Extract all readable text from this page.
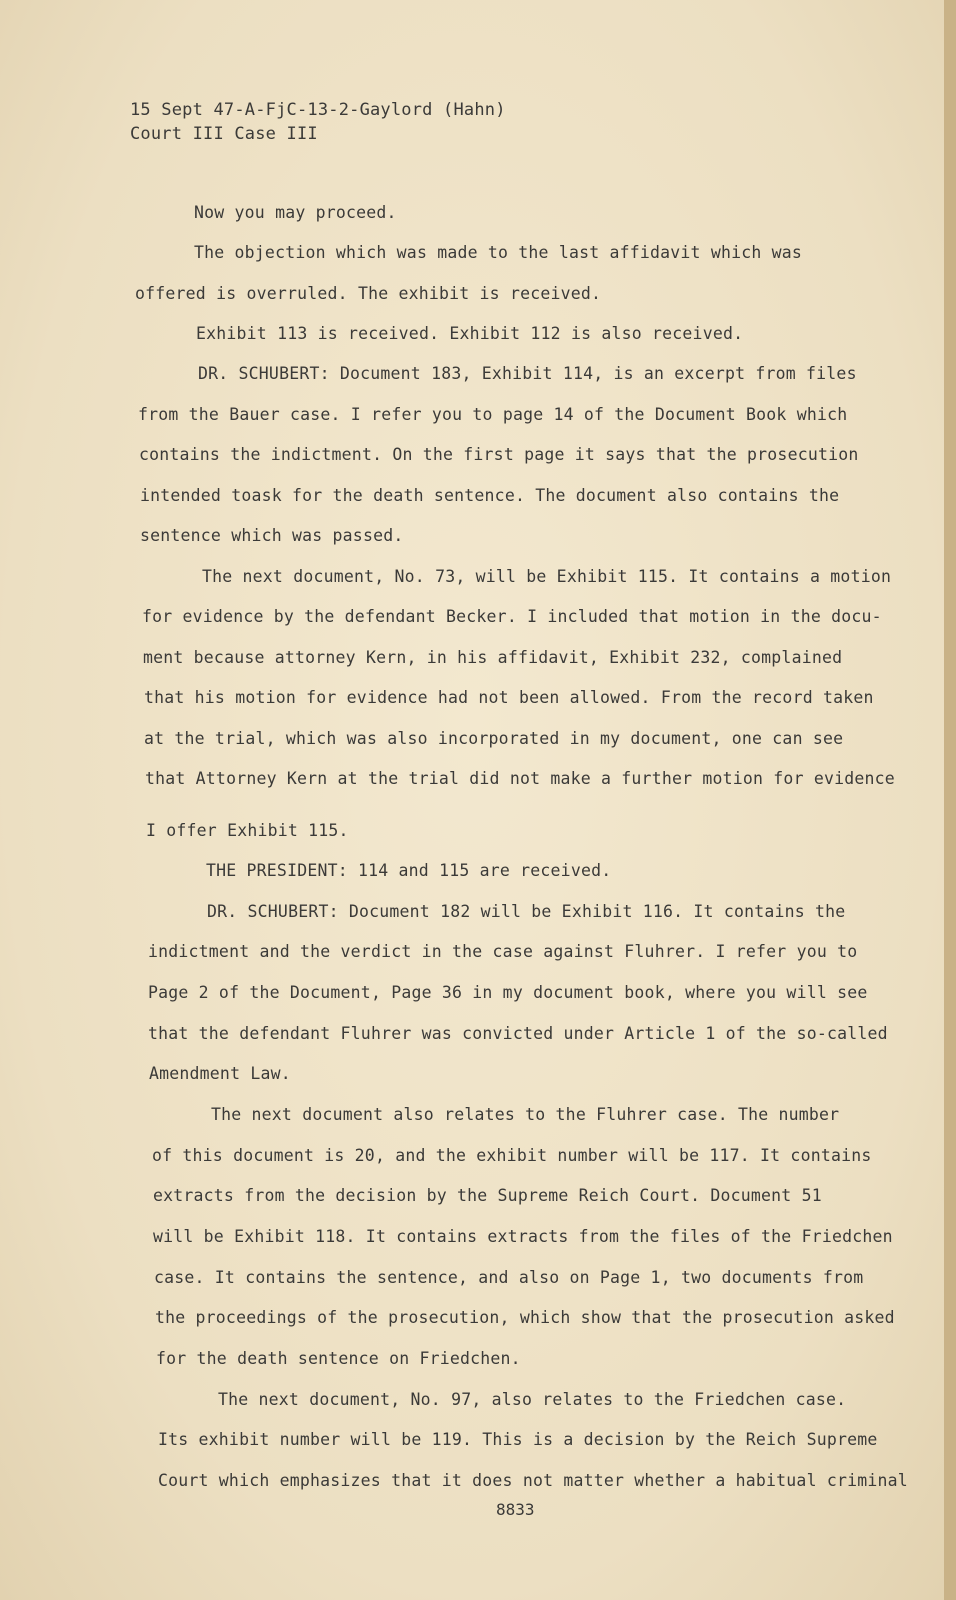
15 Sept 47-A-FjC-13-2-Gaylord (Hahn)
Court III Case III
Now you may proceed.
The objection which was made to the last affidavit which was
offered is overruled. The exhibit is received.
Exhibit 113 is received. Exhibit 112 is also received.
DR. SCHUBERT: Document 183, Exhibit 114, is an excerpt from files
from the Bauer case. I refer you to page 14 of the Document Book which
contains the indictment. On the first page it says that the prosecution
intended toask for the death sentence. The document also contains the
sentence which was passed.
The next document, No. 73, will be Exhibit 115. It contains a motion
for evidence by the defendant Becker. I included that motion in the docu-
ment because attorney Kern, in his affidavit, Exhibit 232, complained
that his motion for evidence had not been allowed. From the record taken
at the trial, which was also incorporated in my document, one can see
that Attorney Kern at the trial did not make a further motion for evidence
I offer Exhibit 115.
THE PRESIDENT: 114 and 115 are received.
DR. SCHUBERT: Document 182 will be Exhibit 116. It contains the
indictment and the verdict in the case against Fluhrer. I refer you to
Page 2 of the Document, Page 36 in my document book, where you will see
that the defendant Fluhrer was convicted under Article 1 of the so-called
Amendment Law.
The next document also relates to the Fluhrer case. The number
of this document is 20, and the exhibit number will be 117. It contains
extracts from the decision by the Supreme Reich Court. Document 51
will be Exhibit 118. It contains extracts from the files of the Friedchen
case. It contains the sentence, and also on Page 1, two documents from
the proceedings of the prosecution, which show that the prosecution asked
for the death sentence on Friedchen.
The next document, No. 97, also relates to the Friedchen case.
Its exhibit number will be 119. This is a decision by the Reich Supreme
Court which emphasizes that it does not matter whether a habitual criminal
8833
